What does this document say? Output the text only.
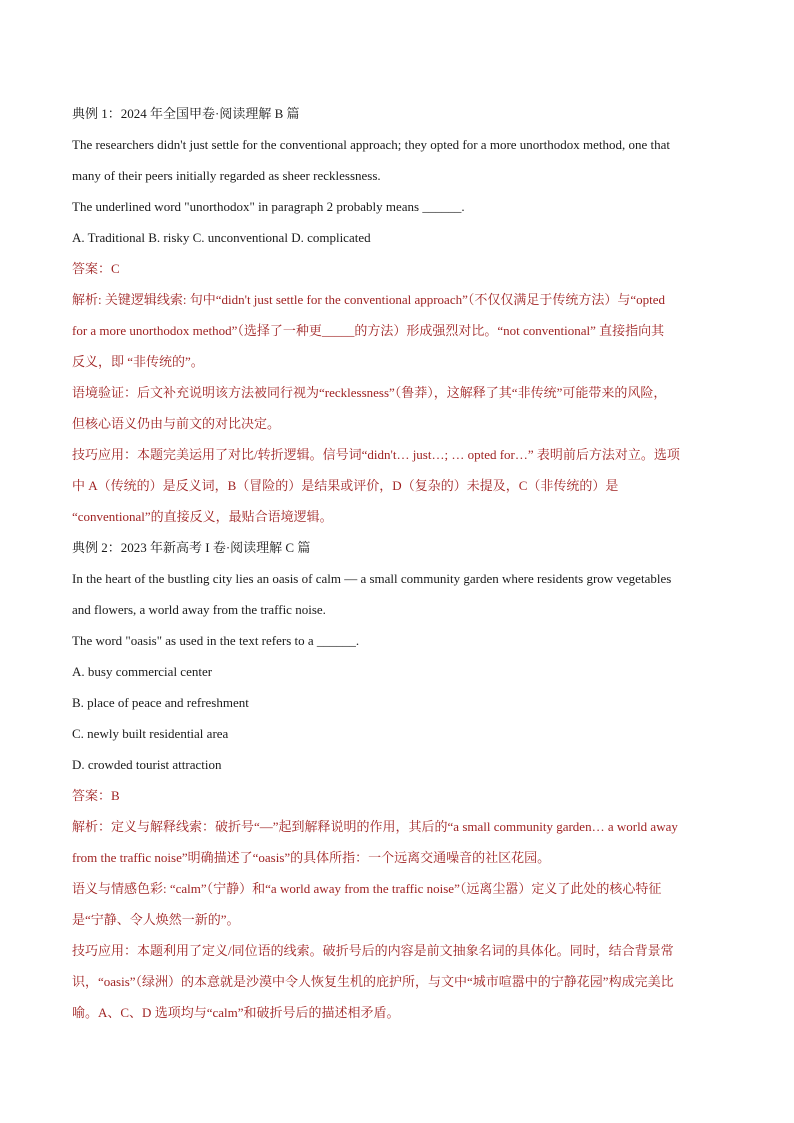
典例 1：2024 年全国甲卷·阅读理解 B 篇
The researchers didn't just settle for the conventional approach; they opted for a more unorthodox method, one that
many of their peers initially regarded as sheer recklessness.
The underlined word "unorthodox" in paragraph 2 probably means ______.
A. Traditional B. risky C. unconventional D. complicated
答案：C
解析: 关键逻辑线索: 句中“didn't just settle for the conventional approach”（不仅仅满足于传统方法）与“opted
for a more unorthodox method”（选择了一种更_____的方法）形成强烈对比。“not conventional” 直接指向其
反义，即 “非传统的”。
语境验证：后文补充说明该方法被同行视为“recklessness”（鲁莽），这解释了其“非传统”可能带来的风险，
但核心语义仍由与前文的对比决定。
技巧应用：本题完美运用了对比/转折逻辑。信号词“didn't… just…; … opted for…” 表明前后方法对立。选项
中 A（传统的）是反义词，B（冒险的）是结果或评价，D（复杂的）未提及，C（非传统的）是
“conventional”的直接反义，最贴合语境逻辑。
典例 2：2023 年新高考 I 卷·阅读理解 C 篇
In the heart of the bustling city lies an oasis of calm — a small community garden where residents grow vegetables
and flowers, a world away from the traffic noise.
The word "oasis" as used in the text refers to a ______.
A. busy commercial center
B. place of peace and refreshment
C. newly built residential area
D. crowded tourist attraction
答案：B
解析：定义与解释线索：破折号“—”起到解释说明的作用，其后的“a small community garden… a world away
from the traffic noise”明确描述了“oasis”的具体所指：一个远离交通噪音的社区花园。
语义与情感色彩: “calm”（宁静）和“a world away from the traffic noise”（远离尘嚣）定义了此处的核心特征
是“宁静、令人焕然一新的”。
技巧应用：本题利用了定义/同位语的线索。破折号后的内容是前文抽象名词的具体化。同时，结合背景常
识，“oasis”（绿洲）的本意就是沙漠中令人恢复生机的庇护所，与文中“城市喧嚣中的宁静花园”构成完美比
喻。A、C、D 选项均与“calm”和破折号后的描述相矛盾。
